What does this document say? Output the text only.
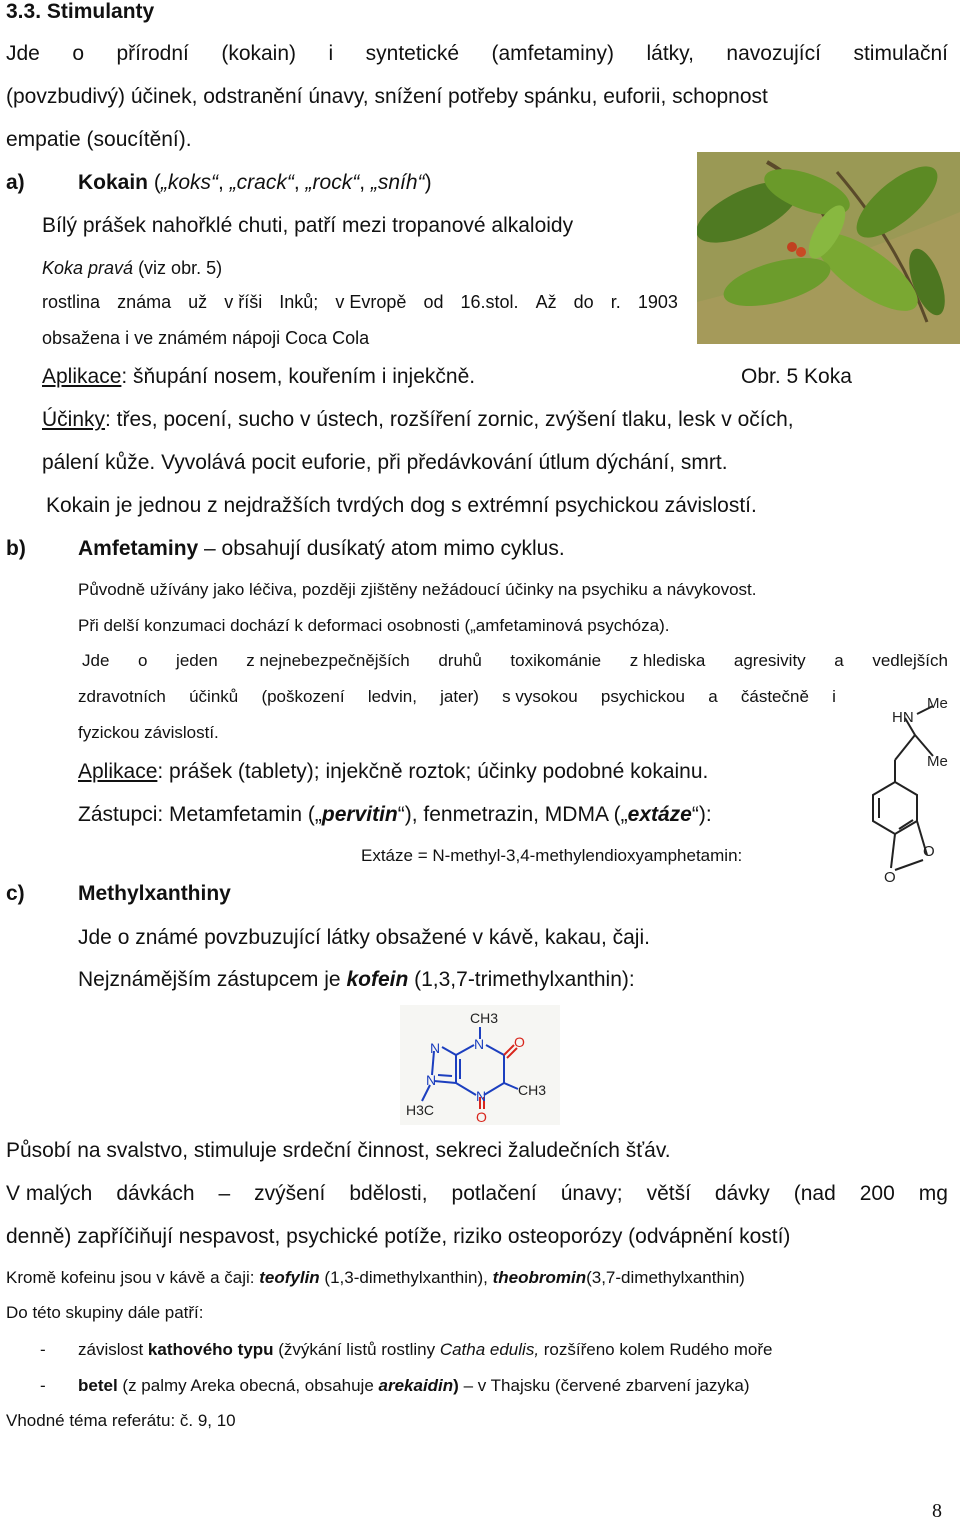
3.3. Stimulanty
Jde o přírodní (kokain) i syntetické (amfetaminy) látky, navozující stimulační
(povzbudivý) účinek, odstranění únavy, snížení potřeby spánku, euforii, schopnost
empatie (soucítění).
a)	Kokain („koks“, „crack“, „rock“, „sníh“)
Bílý prášek nahořklé chuti, patří mezi tropanové alkaloidy
Koka pravá (viz obr. 5)
rostlina známa už v říši Inků; v Evropě od 16.stol. Až do r. 1903
obsažena i ve známém nápoji Coca Cola
Aplikace: šňupání nosem, kouřením i injekčně.	Obr. 5 Koka
Účinky: třes, pocení, sucho v ústech, rozšíření zornic, zvýšení tlaku, lesk v očích,
pálení kůže. Vyvolává pocit euforie, při předávkování útlum dýchání, smrt.
Kokain je jednou z nejdražších tvrdých dog s extrémní psychickou závislostí.
b) Amfetaminy – obsahují dusíkatý atom mimo cyklus.
Původně užívány jako léčiva, později zjištěny nežádoucí účinky na psychiku a návykovost.
Při delší konzumaci dochází k deformaci osobnosti („amfetaminová psychóza).
Jde o jeden z nejnebezpečnějších druhů toxikománie z hlediska agresivity a vedlejších
zdravotních účinků (poškození ledvin, jater) s vysokou psychickou a částečně i
fyzickou závislostí.
Aplikace: prášek (tablety); injekčně roztok; účinky podobné kokainu.
Zástupci: Metamfetamin („pervitin“), fenmetrazin, MDMA („extáze“):
Extáze = N-methyl-3,4-methylendioxyamphetamin:
HN
Me
Me
O
O
c)	Methylxanthiny
Jde o známé povzbuzující látky obsažené v kávě, kakau, čaji.
Nejznámějším zástupcem je kofein (1,3,7-trimethylxanthin):
CH3
CH3
H3C
N
N
N
N
O
O
Působí na svalstvo, stimuluje srdeční činnost, sekreci žaludečních šťáv.
V malých dávkách – zvýšení bdělosti, potlačení únavy; větší dávky (nad 200 mg
denně) zapříčiňují nespavost, psychické potíže, riziko osteoporózy (odvápnění kostí)
Kromě kofeinu jsou v kávě a čaji: teofylin (1,3-dimethylxanthin), theobromin(3,7-dimethylxanthin)
Do této skupiny dále patří:
- závislost kathového typu (žvýkání listů rostliny Catha edulis, rozšířeno kolem Rudého moře
- betel (z palmy Areka obecná, obsahuje arekaidin) – v Thajsku (červené zbarvení jazyka)
Vhodné téma referátu: č. 9, 10
8
